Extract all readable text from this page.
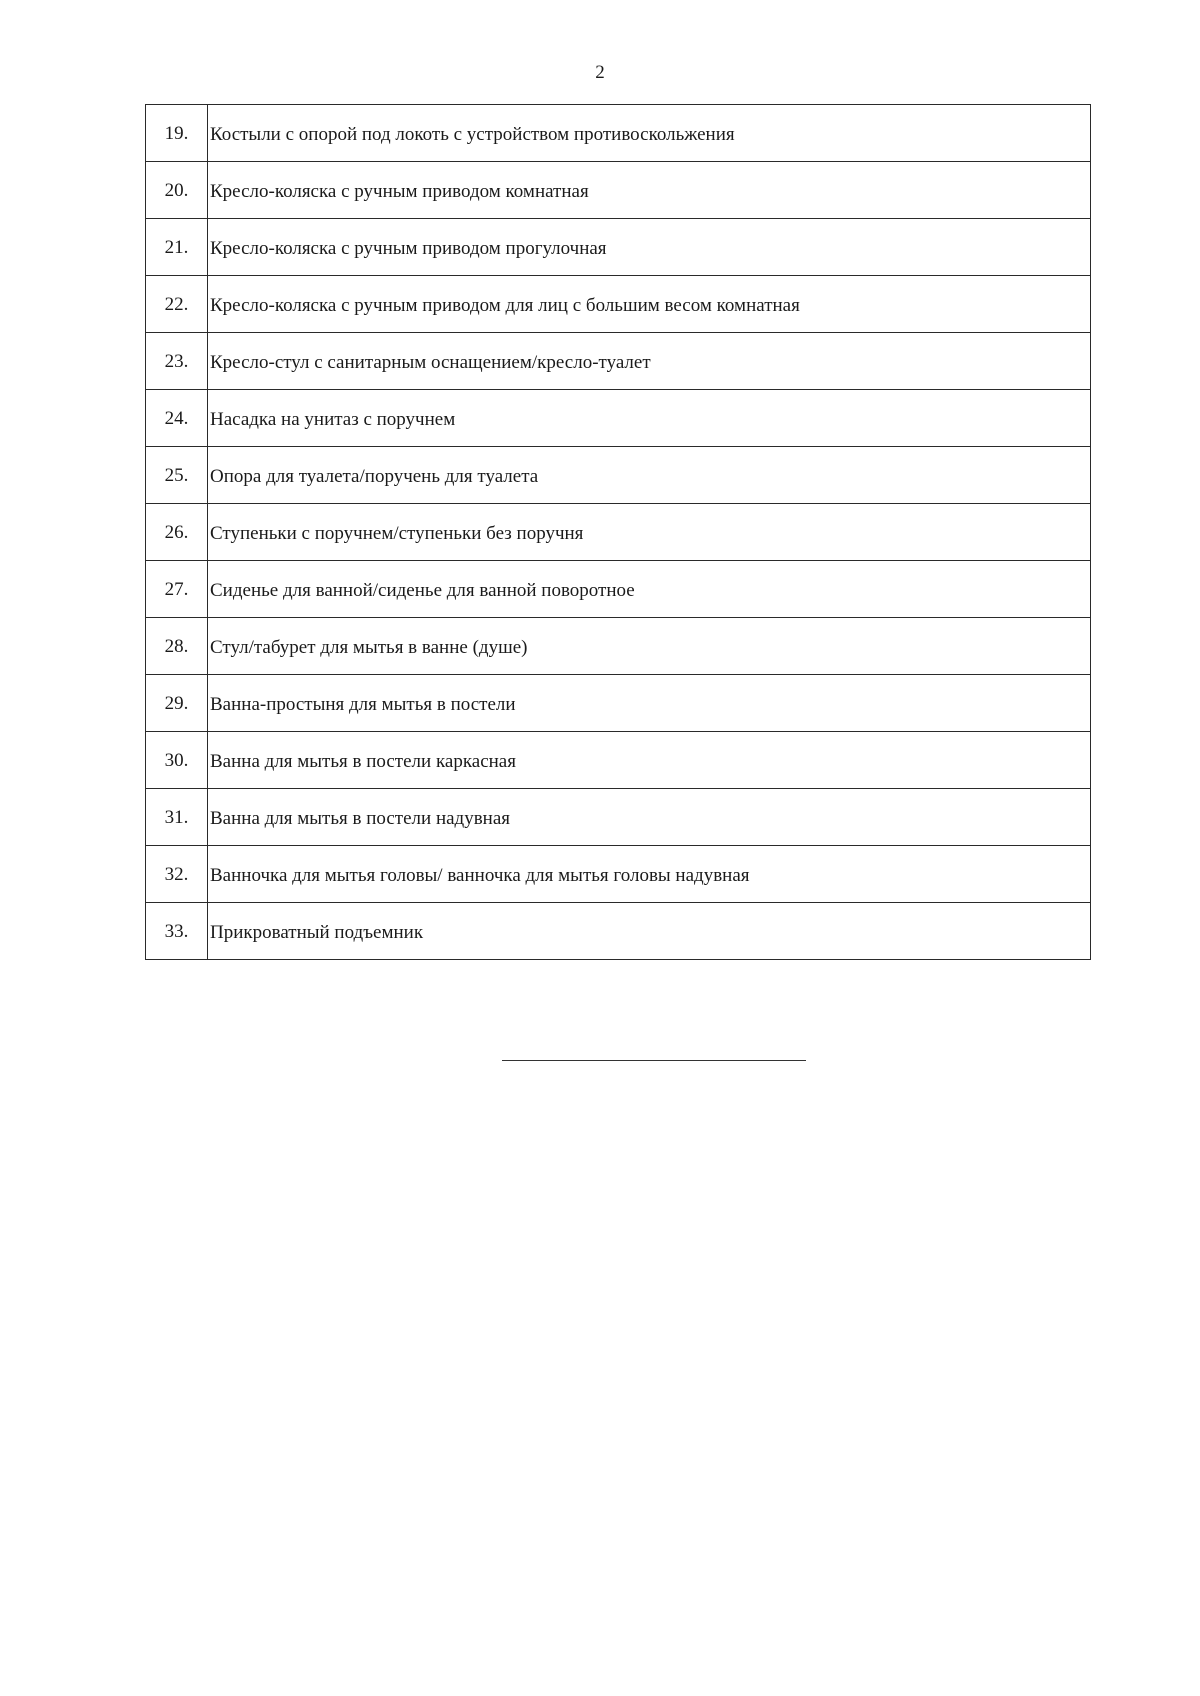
2
19.	Костыли с опорой под локоть с устройством противоскольжения
20.	Кресло-коляска с ручным приводом комнатная
21.	Кресло-коляска с ручным приводом прогулочная
22.	Кресло-коляска с ручным приводом для лиц с большим весом комнатная
23.	Кресло-стул с санитарным оснащением/кресло-туалет
24.	Насадка на унитаз с поручнем
25.	Опора для туалета/поручень для туалета
26.	Ступеньки с поручнем/ступеньки без поручня
27.	Сиденье для ванной/сиденье для ванной поворотное
28.	Стул/табурет для мытья в ванне (душе)
29.	Ванна-простыня для мытья в постели
30.	Ванна для мытья в постели каркасная
31.	Ванна для мытья в постели надувная
32.	Ванночка для мытья головы/ ванночка для мытья головы надувная
33.	Прикроватный подъемник
